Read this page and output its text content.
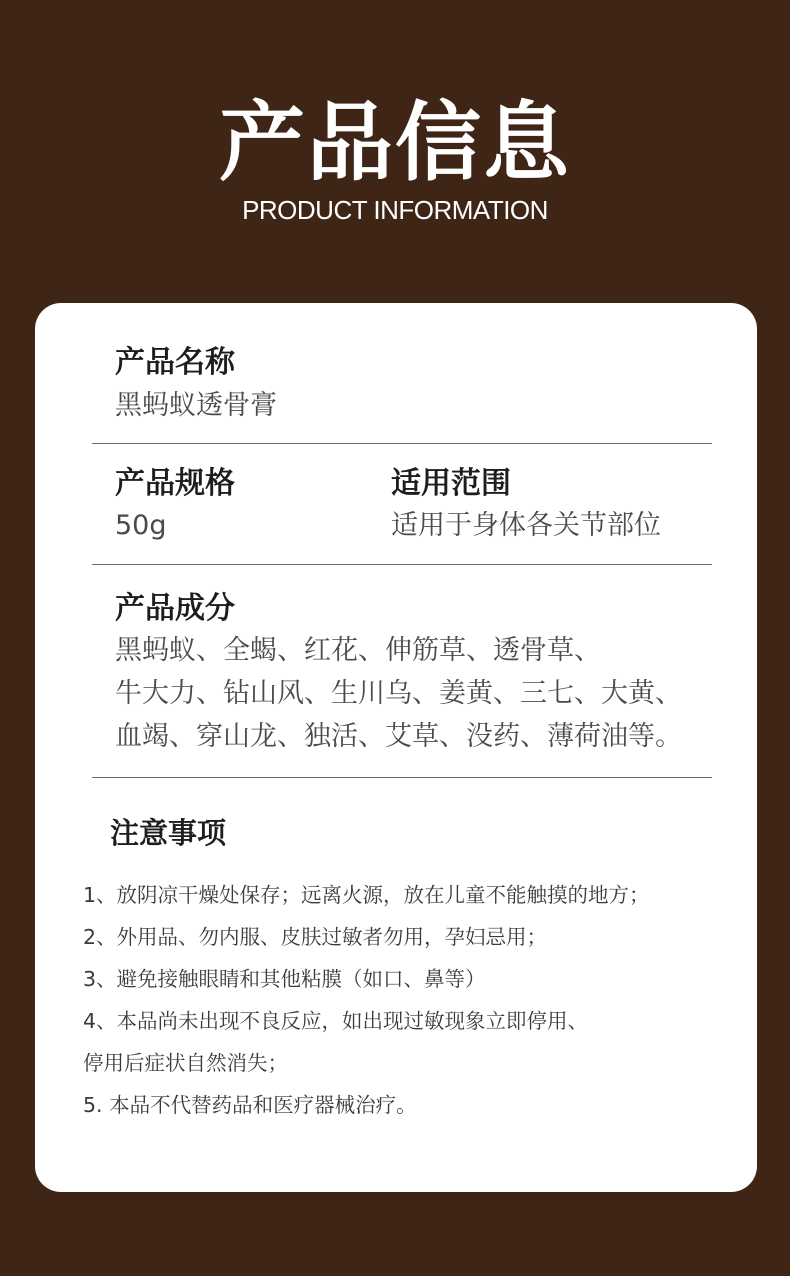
产品信息
PRODUCT INFORMATION
产品名称
黑蚂蚁透骨膏
产品规格
50g
适用范围
适用于身体各关节部位
产品成分
黑蚂蚁、全蝎、红花、伸筋草、透骨草、
牛大力、钻山风、生川乌、姜黄、三七、大黄、
血竭、穿山龙、独活、艾草、没药、薄荷油等。
注意事项
1、放阴凉干燥处保存；远离火源，放在儿童不能触摸的地方；
2、外用品、勿内服、皮肤过敏者勿用，孕妇忌用；
3、避免接触眼睛和其他粘膜（如口、鼻等）
4、本品尚未出现不良反应，如出现过敏现象立即停用、
停用后症状自然消失；
5. 本品不代替药品和医疗器械治疗。
